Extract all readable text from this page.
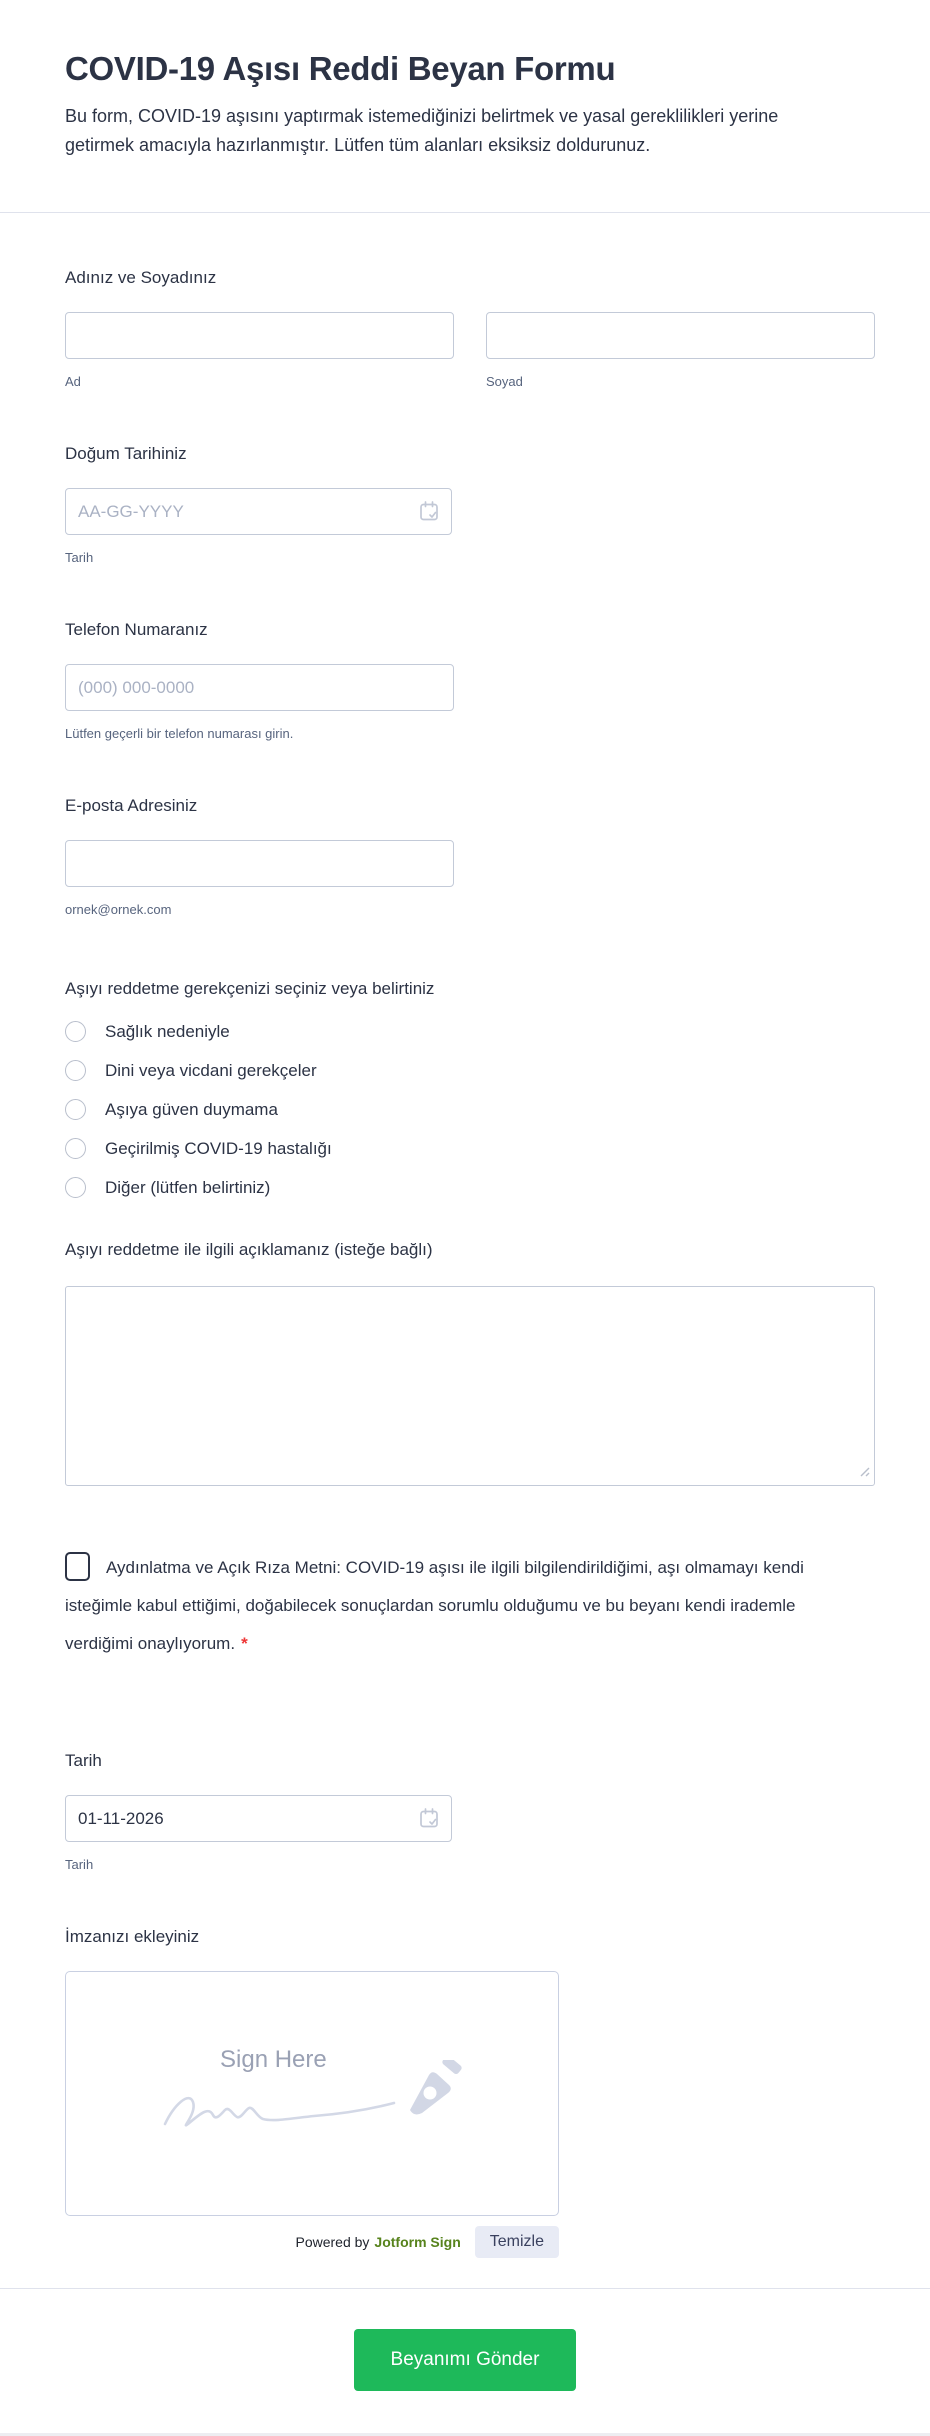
COVID-19 Aşısı Reddi Beyan Formu
Bu form, COVID-19 aşısını yaptırmak istemediğinizi belirtmek ve yasal gereklilikleri yerine getirmek amacıyla hazırlanmıştır. Lütfen tüm alanları eksiksiz doldurunuz.
Adınız ve Soyadınız
Ad	Soyad
Doğum Tarihiniz
AA-GG-YYYY
Tarih
Telefon Numaranız
(000) 000-0000
Lütfen geçerli bir telefon numarası girin.
E-posta Adresiniz
ornek@ornek.com
Aşıyı reddetme gerekçenizi seçiniz veya belirtiniz
Sağlık nedeniyle
Dini veya vicdani gerekçeler
Aşıya güven duymama
Geçirilmiş COVID-19 hastalığı
Diğer (lütfen belirtiniz)
Aşıyı reddetme ile ilgili açıklamanız (isteğe bağlı)
Aydınlatma ve Açık Rıza Metni: COVID-19 aşısı ile ilgili bilgilendirildiğimi, aşı olmamayı kendi isteğimle kabul ettiğimi, doğabilecek sonuçlardan sorumlu olduğumu ve bu beyanı kendi irademle verdiğimi onaylıyorum. *
Tarih
01-11-2026
Tarih
İmzanızı ekleyiniz
Sign Here
Powered by Jotform Sign	Temizle
Beyanımı Gönder
